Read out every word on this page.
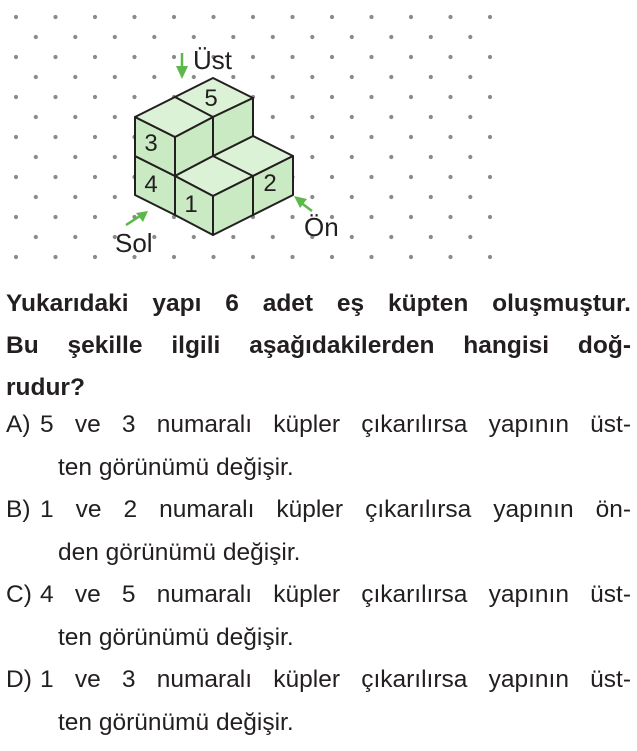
5
3
4
1
2
Üst
Ön
Sol
Yukarıdaki yapı 6 adet eş küpten oluşmuştur.
Bu şekille ilgili aşağıdakilerden hangisi doğ-
rudur?
A) 5 ve 3 numaralı küpler çıkarılırsa yapının üst-
ten görünümü değişir.
B) 1 ve 2 numaralı küpler çıkarılırsa yapının ön-
den görünümü değişir.
C) 4 ve 5 numaralı küpler çıkarılırsa yapının üst-
ten görünümü değişir.
D) 1 ve 3 numaralı küpler çıkarılırsa yapının üst-
ten görünümü değişir.
